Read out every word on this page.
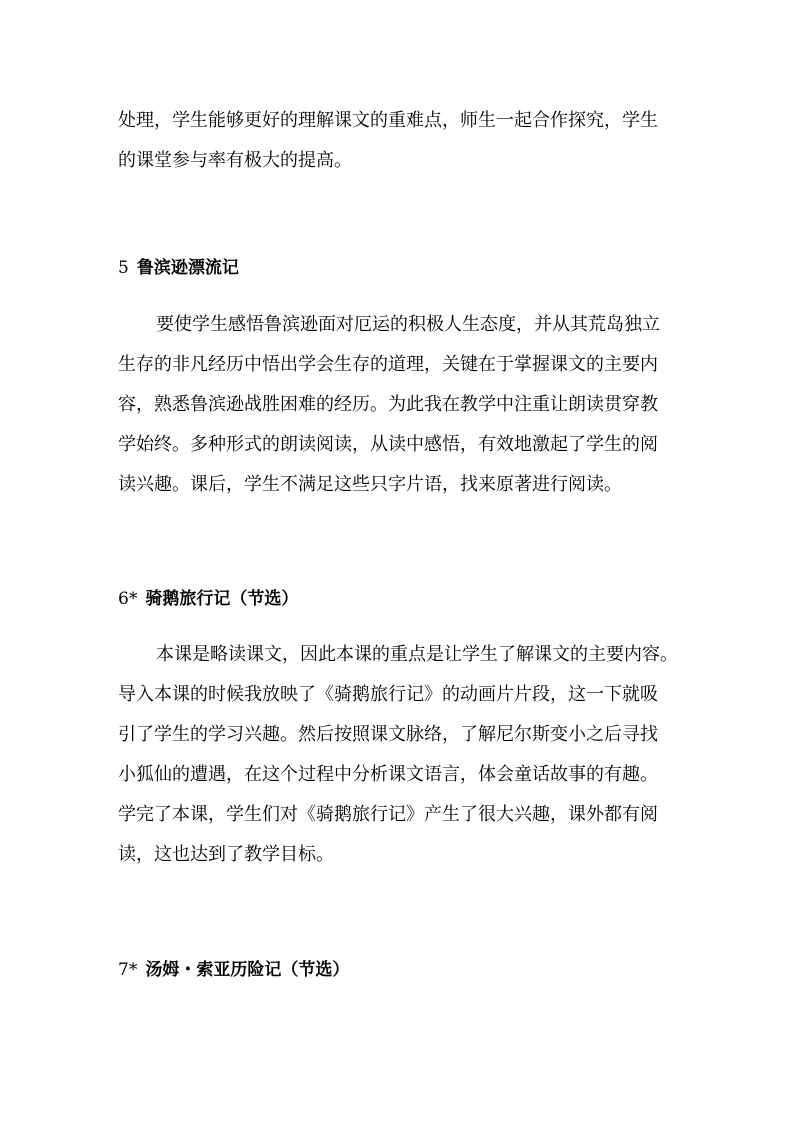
处理，学生能够更好的理解课文的重难点，师生一起合作探究，学生
的课堂参与率有极大的提高。
5 鲁滨逊漂流记
要使学生感悟鲁滨逊面对厄运的积极人生态度，并从其荒岛独立
生存的非凡经历中悟出学会生存的道理，关键在于掌握课文的主要内
容，熟悉鲁滨逊战胜困难的经历。为此我在教学中注重让朗读贯穿教
学始终。多种形式的朗读阅读，从读中感悟，有效地激起了学生的阅
读兴趣。课后，学生不满足这些只字片语，找来原著进行阅读。
6* 骑鹅旅行记（节选）
本课是略读课文，因此本课的重点是让学生了解课文的主要内容。
导入本课的时候我放映了《骑鹅旅行记》的动画片片段，这一下就吸
引了学生的学习兴趣。然后按照课文脉络，了解尼尔斯变小之后寻找
小狐仙的遭遇，在这个过程中分析课文语言，体会童话故事的有趣。
学完了本课，学生们对《骑鹅旅行记》产生了很大兴趣，课外都有阅
读，这也达到了教学目标。
7* 汤姆・索亚历险记（节选）
